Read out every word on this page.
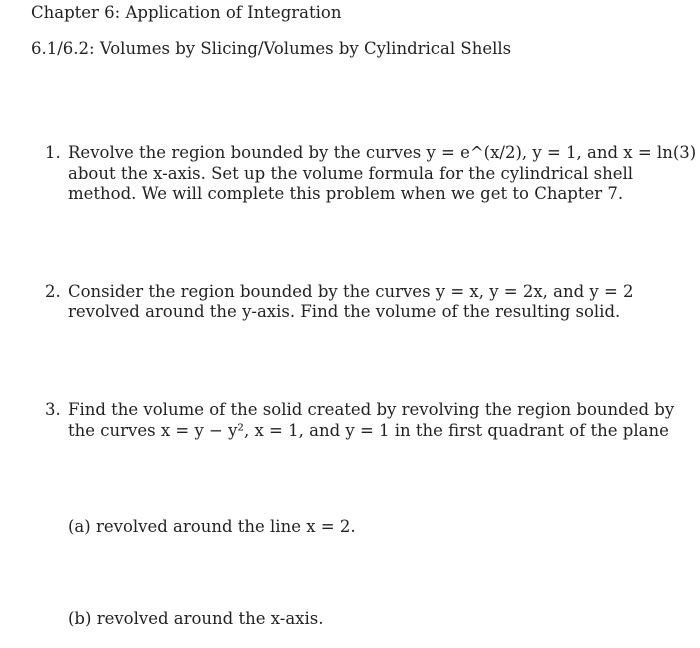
Chapter 6: Application of Integration
6.1/6.2: Volumes by Slicing/Volumes by Cylindrical Shells
1. Revolve the region bounded by the curves y = e^(x/2), y = 1, and x = ln(3)
about the x-axis. Set up the volume formula for the cylindrical shell
method. We will complete this problem when we get to Chapter 7.
2. Consider the region bounded by the curves y = x, y = 2x, and y = 2
revolved around the y-axis. Find the volume of the resulting solid.
3. Find the volume of the solid created by revolving the region bounded by
the curves x = y − y², x = 1, and y = 1 in the first quadrant of the plane
(a) revolved around the line x = 2.
(b) revolved around the x-axis.
